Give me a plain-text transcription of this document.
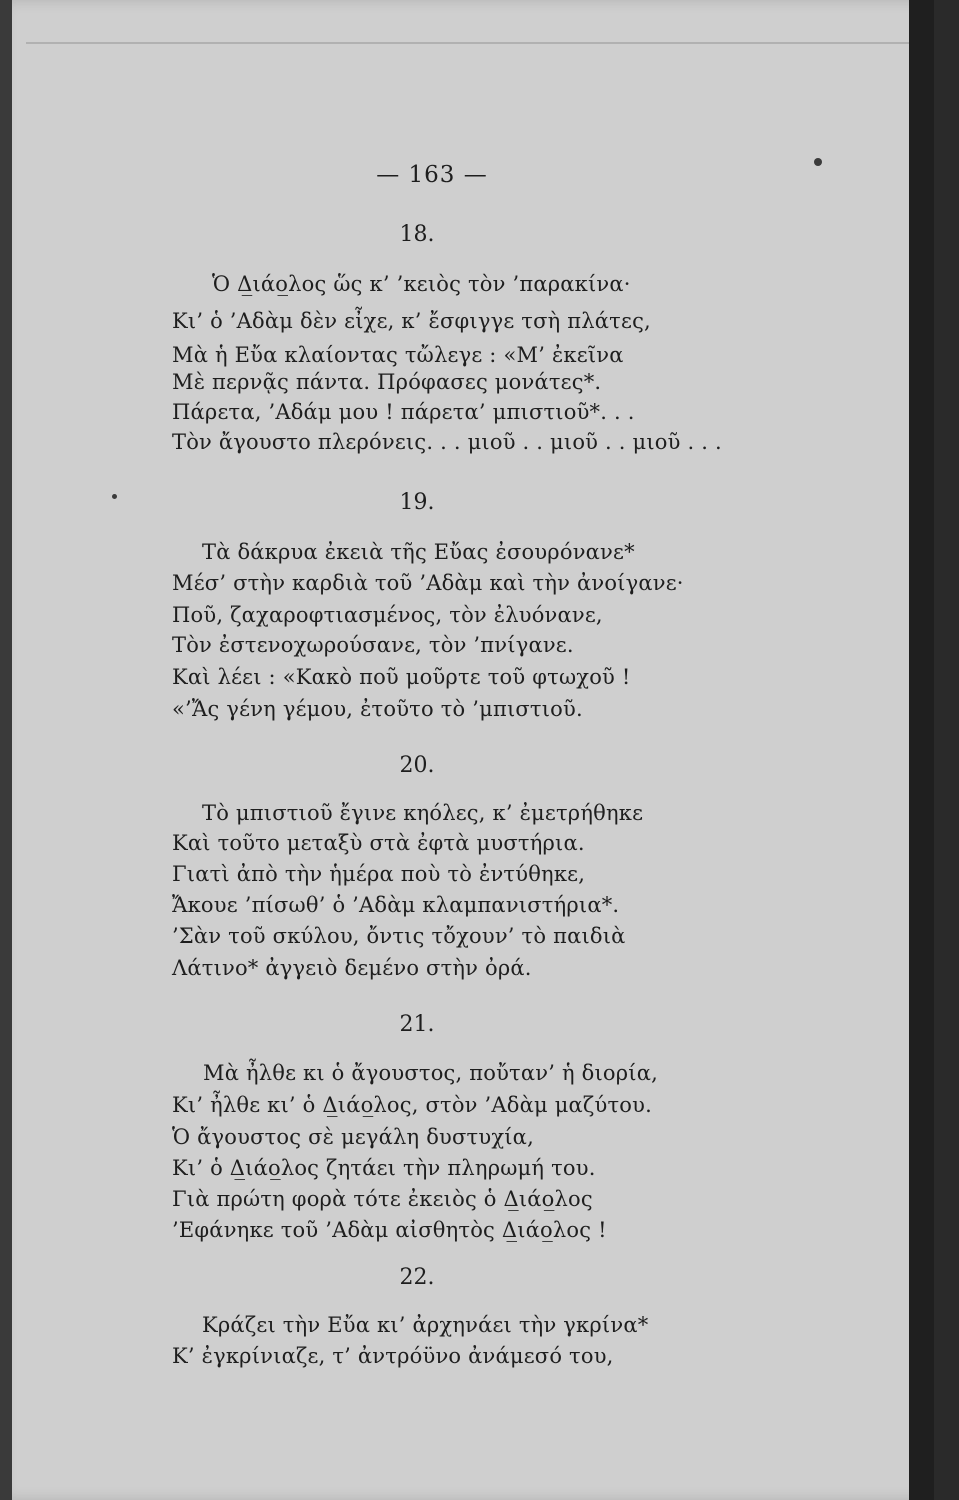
— 163 —
18.
Ὁ Δ̲ιάο̲λος ὥς κ’ ’κειὸς τὸν ’παρακίνα·
Κι’ ὁ ’Αδὰμ δὲν εἶχε, κ’ ἔσφιγγε τσὴ πλάτες,
Μὰ ἡ Εὔα κλαίοντας τὤλεγε : «Μ’ ἐκεῖνα
Μὲ περνᾷς πάντα. Πρόφασες μονάτες*.
Πάρετα, ’Αδάμ μου ! πάρετα’ μπιστιοῦ*. . .
Τὸν ἄγουστο πλερόνεις. . . μιοῦ . . μιοῦ . . μιοῦ . . .
19.
Τὰ δάκρυα ἐκειὰ τῆς Εὔας ἐσουρόνανε*
Μέσ’ στὴν καρδιὰ τοῦ ’Αδὰμ καὶ τὴν ἀνοίγανε·
Ποῦ, ζαχαροφτιασμένος, τὸν ἐλυόνανε,
Τὸν ἐστενοχωρούσανε, τὸν ’πνίγανε.
Καὶ λέει : «Κακὸ ποῦ μοῦρτε τοῦ φτωχοῦ !
«’Ἄς γένη γέμου, ἐτοῦτο τὸ ’μπιστιοῦ.
20.
Τὸ μπιστιοῦ ἔγινε κηόλες, κ’ ἐμετρήθηκε
Καὶ τοῦτο μεταξὺ στὰ ἐφτὰ μυστήρια.
Γιατὶ ἀπὸ τὴν ἡμέρα ποὺ τὸ ἐντύθηκε,
Ἄκουε ’πίσωθ’ ὁ ’Αδὰμ κλαμπανιστήρια*.
’Σὰν τοῦ σκύλου, ὄντις τὄχουν’ τὸ παιδιὰ
Λάτινο* ἀγγειὸ δεμένο στὴν ὀρά.
21.
Μὰ ἦλθε κι ὁ ἄγουστος, ποὔταν’ ἡ διορία,
Κι’ ἦλθε κι’ ὁ Δ̲ιάο̲λος, στὸν ’Αδὰμ μαζύτου.
Ὁ ἄγουστος σὲ μεγάλη δυστυχία,
Κι’ ὁ Δ̲ιάο̲λος ζητάει τὴν πληρωμή του.
Γιὰ πρώτη φορὰ τότε ἐκειὸς ὁ Δ̲ιάο̲λος
’Εφάνηκε τοῦ ’Αδὰμ αἰσθητὸς Δ̲ιάο̲λος !
22.
Κράζει τὴν Εὔα κι’ ἀρχηνάει τὴν γκρίνα*
Κ’ ἐγκρίνιαζε, τ’ ἀντρόϋνο ἀνάμεσό του,
